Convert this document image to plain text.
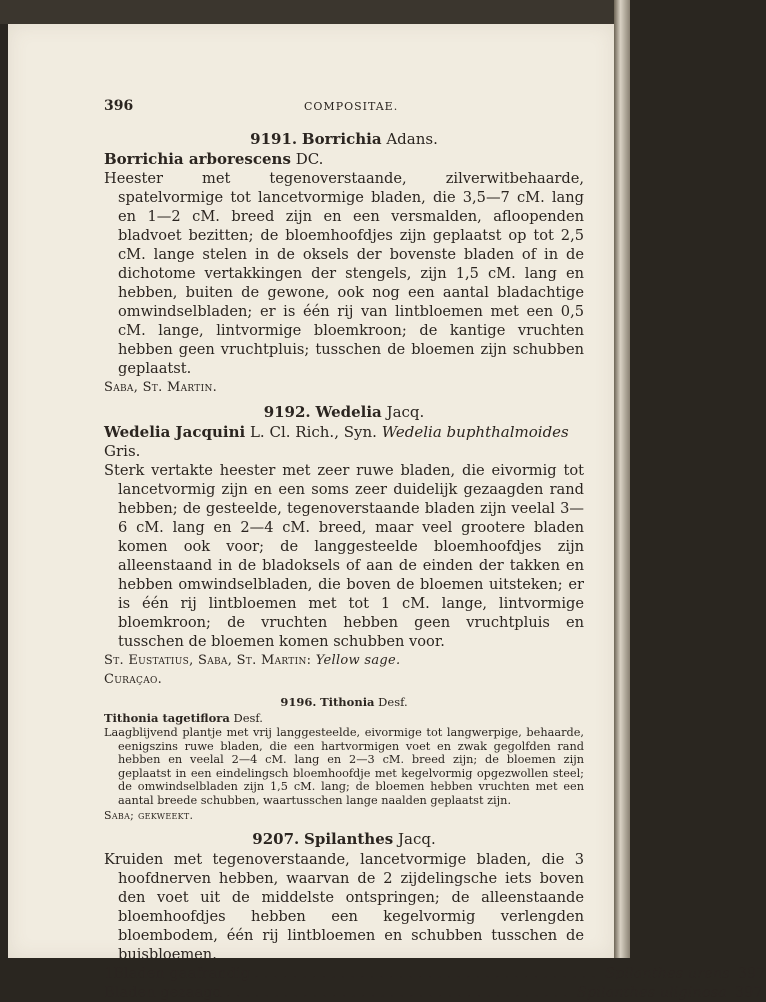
396	COMPOSITAE.

9191. Borrichia Adans.

Borrichia arborescens DC.

Heester met tegenoverstaande, zilverwitbehaarde, spatelvormige tot lancetvormige bladen, die 3,5—7 cM. lang en 1—2 cM. breed zijn en een versmalden, afloopenden bladvoet bezitten; de bloemhoofdjes zijn geplaatst op tot 2,5 cM. lange stelen in de oksels der bovenste bladen of in de dichotome vertakkingen der stengels, zijn 1,5 cM. lang en hebben, buiten de gewone, ook nog een aantal bladachtige omwindselbladen; er is één rij van lintbloemen met een 0,5 cM. lange, lintvormige bloemkroon; de kantige vruchten hebben geen vruchtpluis; tusschen de bloemen zijn schubben geplaatst.

Saba, St. Martin.

9192. Wedelia Jacq.

Wedelia Jacquini L. Cl. Rich., Syn. Wedelia buphthalmoides Gris.

Sterk vertakte heester met zeer ruwe bladen, die eivormig tot lancetvormig zijn en een soms zeer duidelijk gezaagden rand hebben; de gesteelde, tegenoverstaande bladen zijn veelal 3—6 cM. lang en 2—4 cM. breed, maar veel grootere bladen komen ook voor; de langgesteelde bloemhoofdjes zijn alleenstaand in de bladoksels of aan de einden der takken en hebben omwindselbladen, die boven de bloemen uitsteken; er is één rij lintbloemen met tot 1 cM. lange, lintvormige bloemkroon; de vruchten hebben geen vruchtpluis en tusschen de bloemen komen schubben voor.

St. Eustatius, Saba, St. Martin: Yellow sage.

Curaçao.

9196. Tithonia Desf.

Tithonia tagetiflora Desf.

Laagblijvend plantje met vrij langgesteelde, eivormige tot langwerpige, behaarde, eenigszins ruwe bladen, die een hartvormigen voet en zwak gegolfden rand hebben en veelal 2—4 cM. lang en 2—3 cM. breed zijn; de bloemen zijn geplaatst in een eindelingsch bloemhoofdje met kegelvormig opgezwollen steel; de omwindselbladen zijn 1,5 cM. lang; de bloemen hebben vruchten met een aantal breede schubben, waartusschen lange naalden geplaatst zijn.

Saba; gekweekt.

9207. Spilanthes Jacq.

Kruiden met tegenoverstaande, lancetvormige bladen, die 3 hoofdnerven hebben, waarvan de 2 zijdelingsche iets boven den voet uit de middelste ontspringen; de alleenstaande bloemhoofdjes hebben een kegelvormig verlengden bloembodem, één rij lintbloemen en schubben tusschen de buisbloemen.

1 Bladen gaafrandig .................................... Spilanthes urens 397
Bladen gezaagd .................................... Spilanthes uliginosa 397
